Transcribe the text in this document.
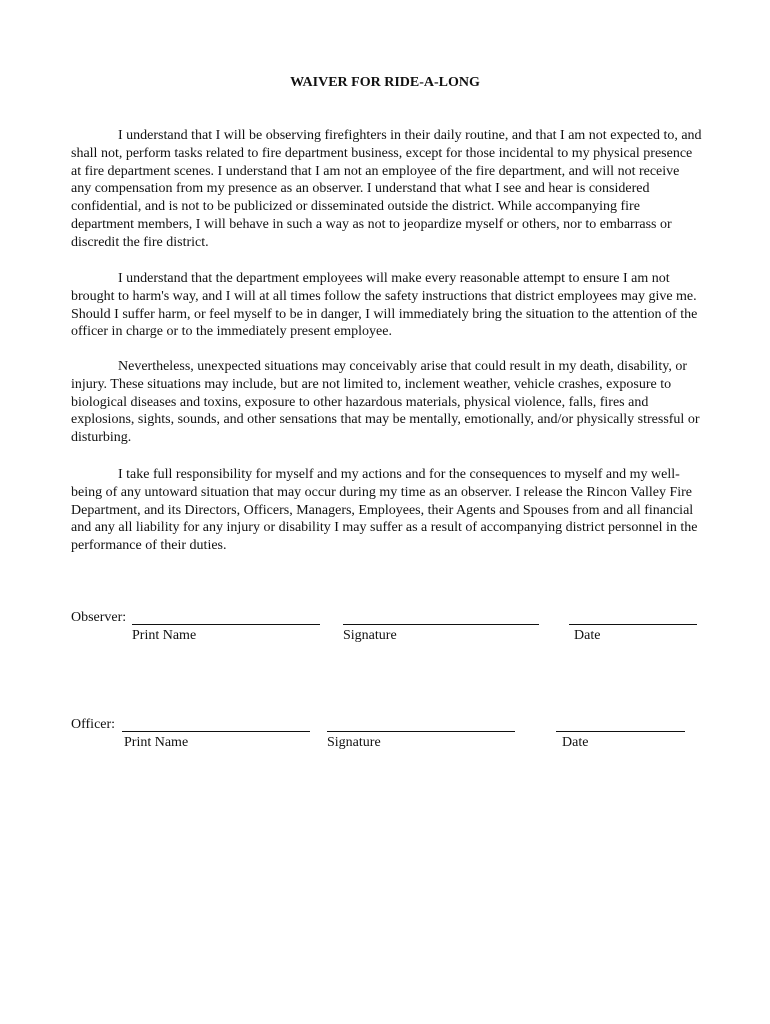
WAIVER FOR RIDE-A-LONG

I understand that I will be observing firefighters in their daily routine, and that I am not expected to, and shall not, perform tasks related to fire department business, except for those incidental to my physical presence at fire department scenes. I understand that I am not an employee of the fire department, and will not receive any compensation from my presence as an observer. I understand that what I see and hear is considered confidential, and is not to be publicized or disseminated outside the district. While accompanying fire department members, I will behave in such a way as not to jeopardize myself or others, nor to embarrass or discredit the fire district.

I understand that the department employees will make every reasonable attempt to ensure I am not brought to harm's way, and I will at all times follow the safety instructions that district employees may give me. Should I suffer harm, or feel myself to be in danger, I will immediately bring the situation to the attention of the officer in charge or to the immediately present employee.

Nevertheless, unexpected situations may conceivably arise that could result in my death, disability, or injury. These situations may include, but are not limited to, inclement weather, vehicle crashes, exposure to biological diseases and toxins, exposure to other hazardous materials, physical violence, falls, fires and explosions, sights, sounds, and other sensations that may be mentally, emotionally, and/or physically stressful or disturbing.

I take full responsibility for myself and my actions and for the consequences to myself and my well-being of any untoward situation that may occur during my time as an observer. I release the Rincon Valley Fire Department, and its Directors, Officers, Managers, Employees, their Agents and Spouses from and all financial and any all liability for any injury or disability I may suffer as a result of accompanying district personnel in the performance of their duties.

Observer:
Print Name	Signature	Date
Officer:
Print Name	Signature	Date
